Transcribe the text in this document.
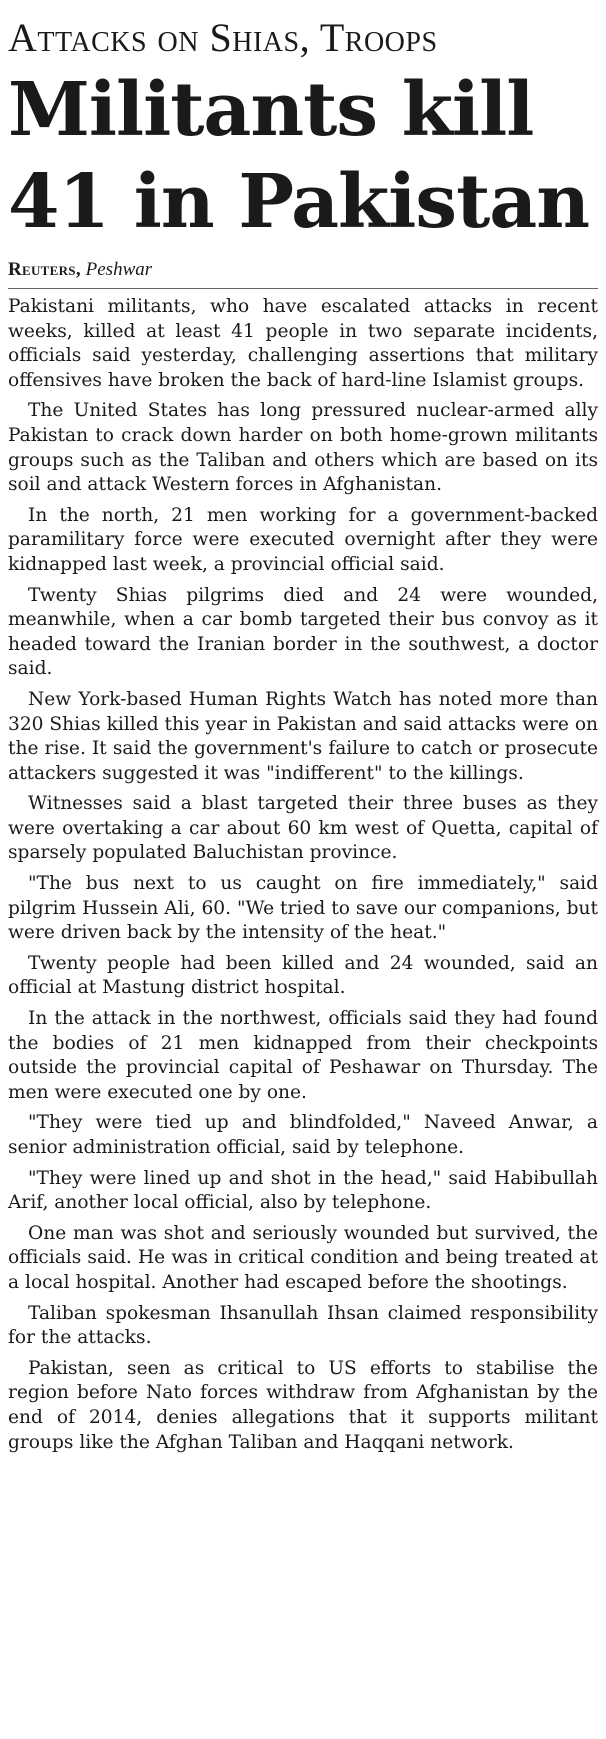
Attacks on Shias, Troops
Militants kill 41 in Pakistan
Reuters, Peshwar

Pakistani militants, who have escalated attacks in recent weeks, killed at least 41 people in two separate incidents, officials said yesterday, challenging assertions that military offensives have broken the back of hard-line Islamist groups.

The United States has long pressured nuclear-armed ally Pakistan to crack down harder on both home-grown militants groups such as the Taliban and others which are based on its soil and attack Western forces in Afghanistan.

In the north, 21 men working for a government-backed paramilitary force were executed overnight after they were kidnapped last week, a provincial official said.

Twenty Shias pilgrims died and 24 were wounded, meanwhile, when a car bomb targeted their bus convoy as it headed toward the Iranian border in the southwest, a doctor said.

New York-based Human Rights Watch has noted more than 320 Shias killed this year in Pakistan and said attacks were on the rise. It said the government's failure to catch or prosecute attackers suggested it was "indifferent" to the killings.

Witnesses said a blast targeted their three buses as they were overtaking a car about 60 km west of Quetta, capital of sparsely populated Baluchistan province.

"The bus next to us caught on fire immediately," said pilgrim Hussein Ali, 60. "We tried to save our companions, but were driven back by the intensity of the heat."

Twenty people had been killed and 24 wounded, said an official at Mastung district hospital.

In the attack in the northwest, officials said they had found the bodies of 21 men kidnapped from their checkpoints outside the provincial capital of Peshawar on Thursday. The men were executed one by one.

"They were tied up and blindfolded," Naveed Anwar, a senior administration official, said by telephone.

"They were lined up and shot in the head," said Habibullah Arif, another local official, also by telephone.

One man was shot and seriously wounded but survived, the officials said. He was in critical condition and being treated at a local hospital. Another had escaped before the shootings.

Taliban spokesman Ihsanullah Ihsan claimed responsibility for the attacks.

Pakistan, seen as critical to US efforts to stabilise the region before Nato forces withdraw from Afghanistan by the end of 2014, denies allegations that it supports militant groups like the Afghan Taliban and Haqqani network.
